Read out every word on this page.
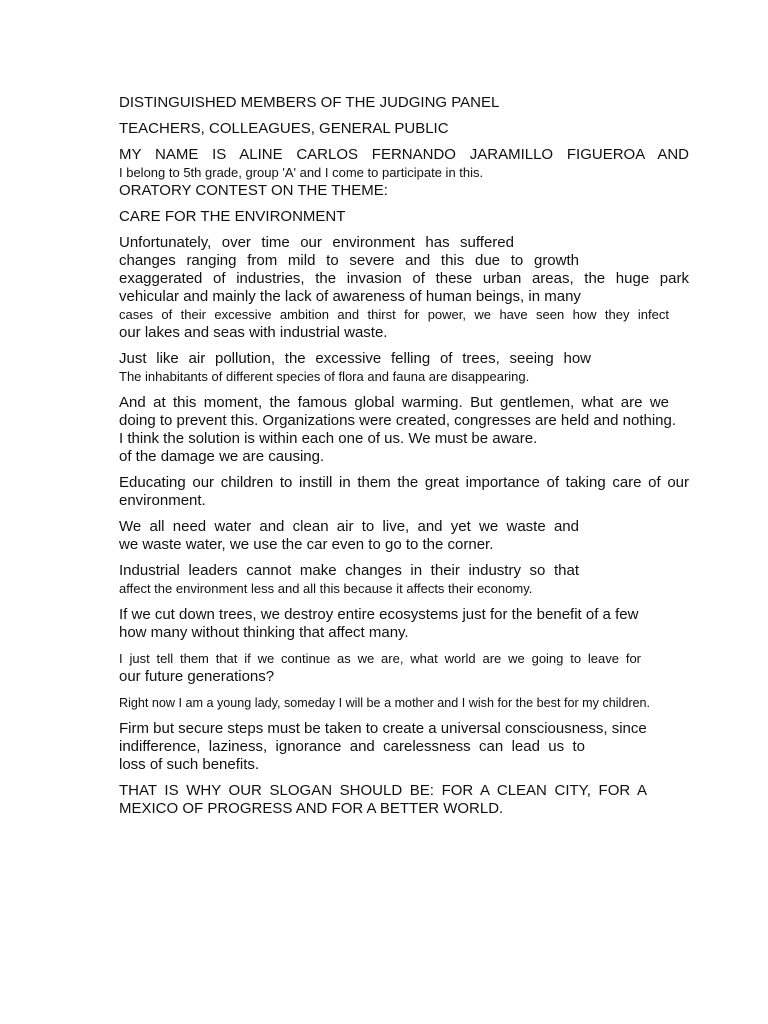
DISTINGUISHED MEMBERS OF THE JUDGING PANEL

TEACHERS, COLLEAGUES, GENERAL PUBLIC

MY NAME IS ALINE CARLOS FERNANDO JARAMILLO FIGUEROA AND
I belong to 5th grade, group 'A' and I come to participate in this.
ORATORY CONTEST ON THE THEME:

CARE FOR THE ENVIRONMENT

Unfortunately, over time our environment has suffered
changes ranging from mild to severe and this due to growth
exaggerated of industries, the invasion of these urban areas, the huge park
vehicular and mainly the lack of awareness of human beings, in many
cases of their excessive ambition and thirst for power, we have seen how they infect
our lakes and seas with industrial waste.

Just like air pollution, the excessive felling of trees, seeing how
The inhabitants of different species of flora and fauna are disappearing.

And at this moment, the famous global warming. But gentlemen, what are we
doing to prevent this. Organizations were created, congresses are held and nothing.
I think the solution is within each one of us. We must be aware.
of the damage we are causing.

Educating our children to instill in them the great importance of taking care of our
environment.

We all need water and clean air to live, and yet we waste and
we waste water, we use the car even to go to the corner.

Industrial leaders cannot make changes in their industry so that
affect the environment less and all this because it affects their economy.

If we cut down trees, we destroy entire ecosystems just for the benefit of a few
how many without thinking that affect many.

I just tell them that if we continue as we are, what world are we going to leave for
our future generations?

Right now I am a young lady, someday I will be a mother and I wish for the best for my children.

Firm but secure steps must be taken to create a universal consciousness, since
indifference, laziness, ignorance and carelessness can lead us to
loss of such benefits.

THAT IS WHY OUR SLOGAN SHOULD BE: FOR A CLEAN CITY, FOR A
MEXICO OF PROGRESS AND FOR A BETTER WORLD.
